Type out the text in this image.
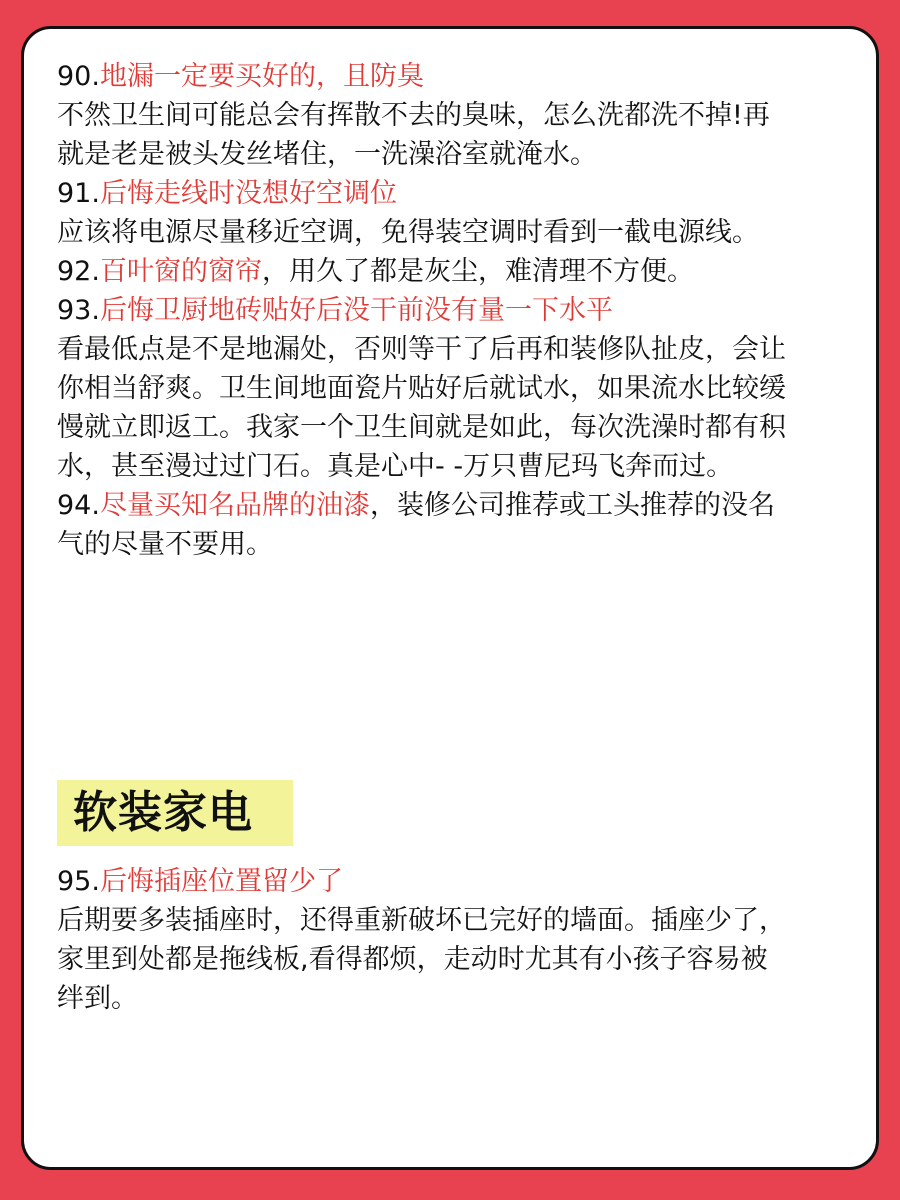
90.地漏一定要买好的，且防臭
不然卫生间可能总会有挥散不去的臭味，怎么洗都洗不掉!再
就是老是被头发丝堵住，一洗澡浴室就淹水。
91.后悔走线时没想好空调位
应该将电源尽量移近空调，免得装空调时看到一截电源线。
92.百叶窗的窗帘，用久了都是灰尘，难清理不方便。
93.后悔卫厨地砖贴好后没干前没有量一下水平
看最低点是不是地漏处，否则等干了后再和装修队扯皮，会让
你相当舒爽。卫生间地面瓷片贴好后就试水，如果流水比较缓
慢就立即返工。我家一个卫生间就是如此，每次洗澡时都有积
水，甚至漫过过门石。真是心中- -万只曹尼玛飞奔而过。
94.尽量买知名品牌的油漆，装修公司推荐或工头推荐的没名
气的尽量不要用。
软装家电
95.后悔插座位置留少了
后期要多装插座时，还得重新破坏已完好的墙面。插座少了，
家里到处都是拖线板,看得都烦，走动时尤其有小孩子容易被
绊到。
